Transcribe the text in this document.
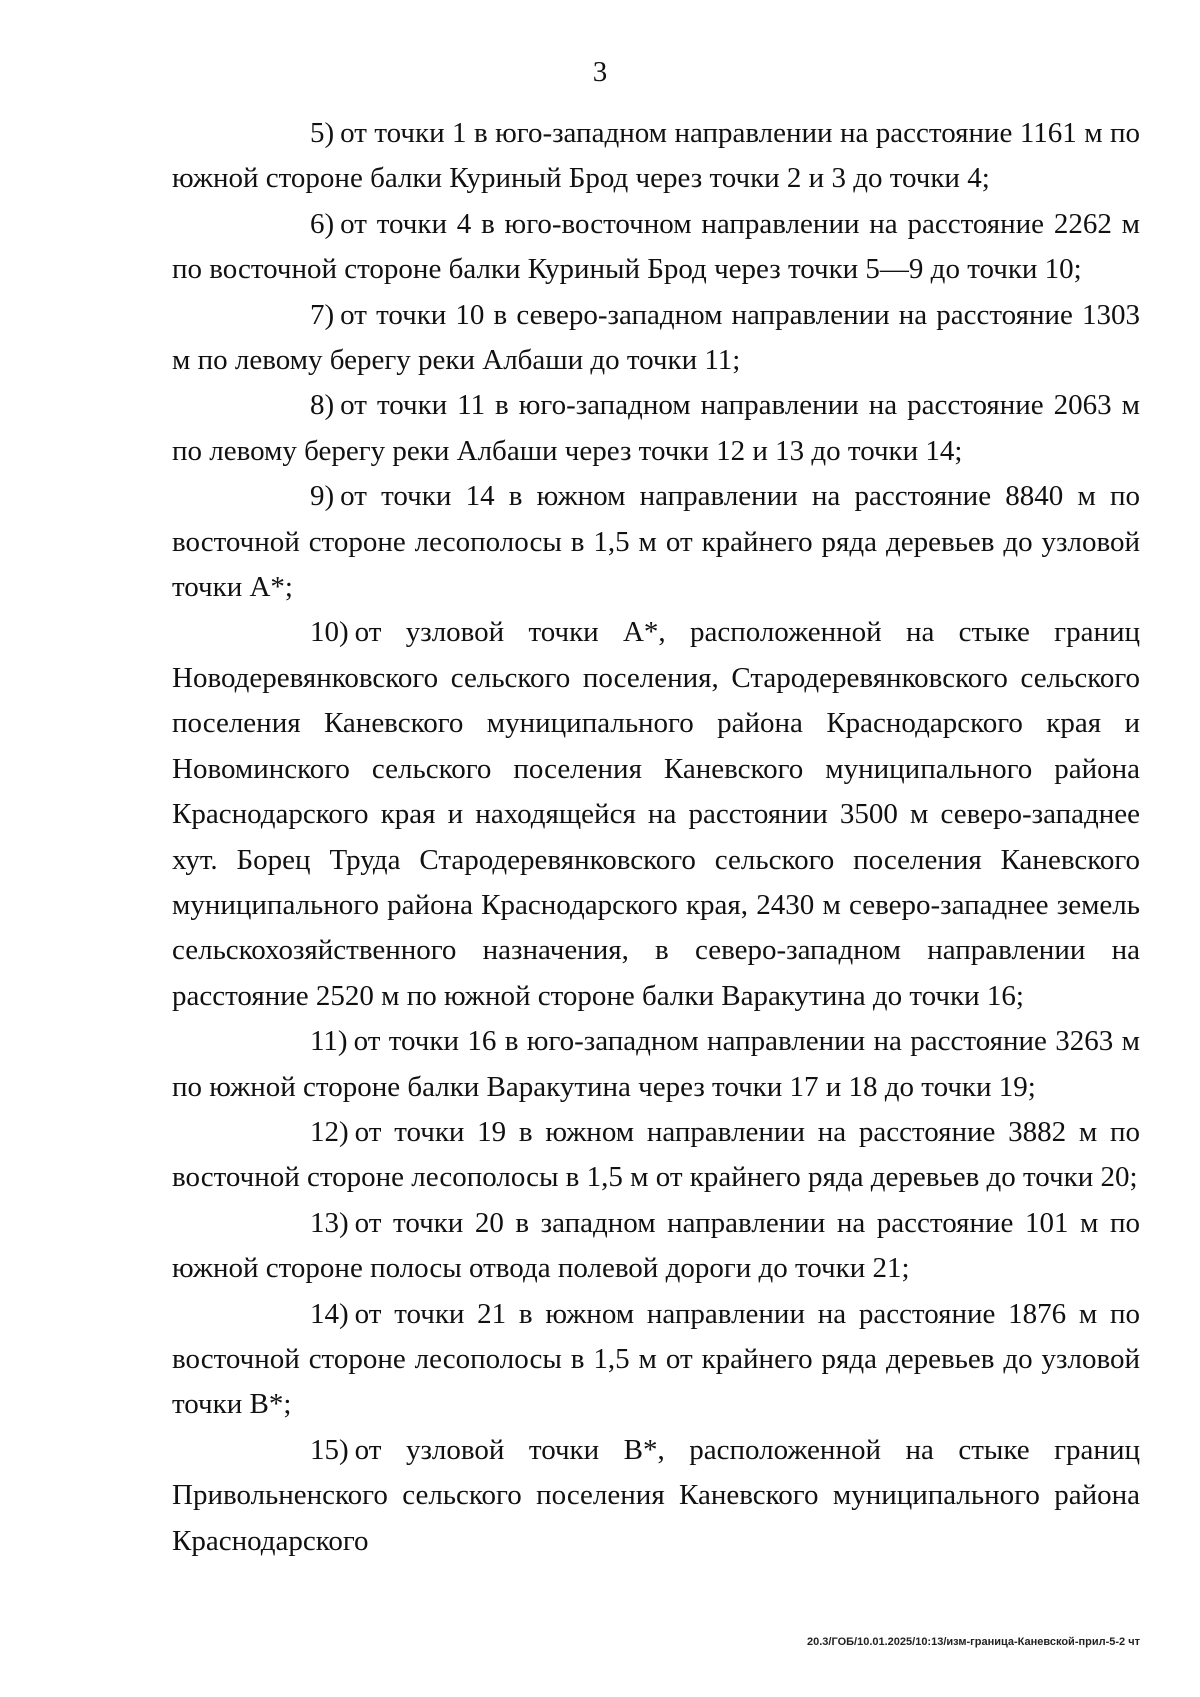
3

5) от точки 1 в юго-западном направлении на расстояние 1161 м по южной стороне балки Куриный Брод через точки 2 и 3 до точки 4;

6) от точки 4 в юго-восточном направлении на расстояние 2262 м по восточной стороне балки Куриный Брод через точки 5—9 до точки 10;

7) от точки 10 в северо-западном направлении на расстояние 1303 м по левому берегу реки Албаши до точки 11;

8) от точки 11 в юго-западном направлении на расстояние 2063 м по левому берегу реки Албаши через точки 12 и 13 до точки 14;

9) от точки 14 в южном направлении на расстояние 8840 м по восточной стороне лесополосы в 1,5 м от крайнего ряда деревьев до узловой точки А*;

10) от узловой точки А*, расположенной на стыке границ Новодеревянковского сельского поселения, Стародеревянковского сельского поселения Каневского муниципального района Краснодарского края и Новоминского сельского поселения Каневского муниципального района Краснодарского края и находящейся на расстоянии 3500 м северо-западнее хут. Борец Труда Стародеревянковского сельского поселения Каневского муниципального района Краснодарского края, 2430 м северо-западнее земель сельскохозяйственного назначения, в северо-западном направлении на расстояние 2520 м по южной стороне балки Варакутина до точки 16;

11) от точки 16 в юго-западном направлении на расстояние 3263 м по южной стороне балки Варакутина через точки 17 и 18 до точки 19;

12) от точки 19 в южном направлении на расстояние 3882 м по восточной стороне лесополосы в 1,5 м от крайнего ряда деревьев до точки 20;

13) от точки 20 в западном направлении на расстояние 101 м по южной стороне полосы отвода полевой дороги до точки 21;

14) от точки 21 в южном направлении на расстояние 1876 м по восточной стороне лесополосы в 1,5 м от крайнего ряда деревьев до узловой точки В*;

15) от узловой точки В*, расположенной на стыке границ Привольненского сельского поселения Каневского муниципального района Краснодарского

20.3/ГОБ/10.01.2025/10:13/изм-граница-Каневской-прил-5-2 чт
